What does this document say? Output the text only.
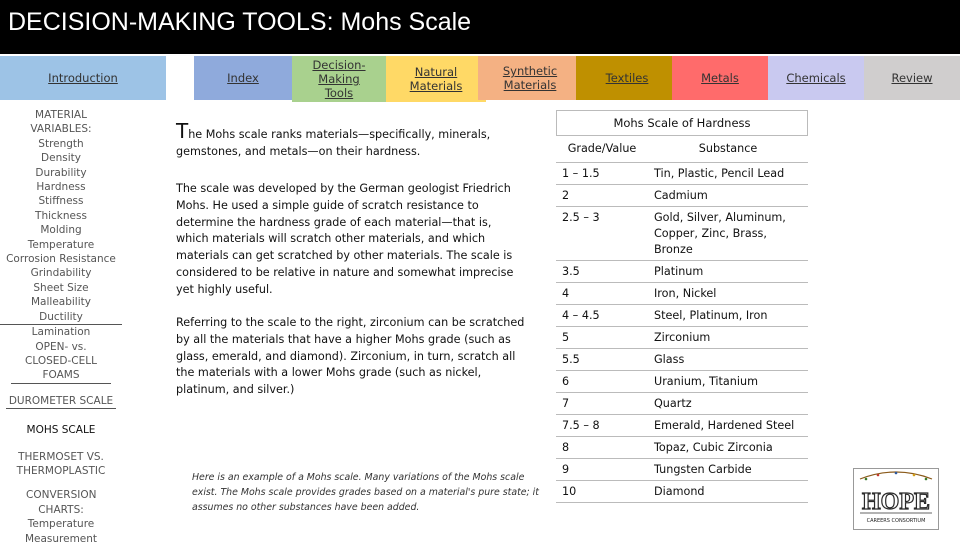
DECISION-MAKING TOOLS: Mohs Scale
Introduction	Index
Decision-Making Tools
Natural Materials
Synthetic Materials	Textiles	Metals	Chemicals	Review
MATERIAL VARIABLES:
Strength
Density
Durability
Hardness
Stiffness
Thickness
Molding
Temperature
Corrosion Resistance
Grindability
Sheet Size
Malleability
Ductility
Lamination
OPEN- vs. CLOSED-CELL FOAMS
DUROMETER SCALE
MOHS SCALE
THERMOSET VS. THERMOPLASTIC
CONVERSION CHARTS:
Temperature
Measurement
The Mohs scale ranks materials—specifically, minerals, gemstones, and metals—on their hardness.
The scale was developed by the German geologist Friedrich Mohs. He used a simple guide of scratch resistance to determine the hardness grade of each material—that is, which materials will scratch other materials, and which materials can get scratched by other materials. The scale is considered to be relative in nature and somewhat imprecise yet highly useful.
Referring to the scale to the right, zirconium can be scratched by all the materials that have a higher Mohs grade (such as glass, emerald, and diamond). Zirconium, in turn, scratch all the materials with a lower Mohs grade (such as nickel, platinum, and silver.)
Here is an example of a Mohs scale. Many variations of the Mohs scale exist. The Mohs scale provides grades based on a material's pure state; it assumes no other substances have been added.
Mohs Scale of Hardness
Grade/Value	Substance
1 – 1.5	Tin, Plastic, Pencil Lead
2	Cadmium
2.5 – 3	Gold, Silver, Aluminum, Copper, Zinc, Brass, Bronze
3.5	Platinum
4	Iron, Nickel
4 – 4.5	Steel, Platinum, Iron
5	Zirconium
5.5	Glass
6	Uranium, Titanium
7	Quartz
7.5 – 8	Emerald, Hardened Steel
8	Topaz, Cubic Zirconia
9	Tungsten Carbide
10	Diamond	HOPE
CAREERS CONSORTIUM
